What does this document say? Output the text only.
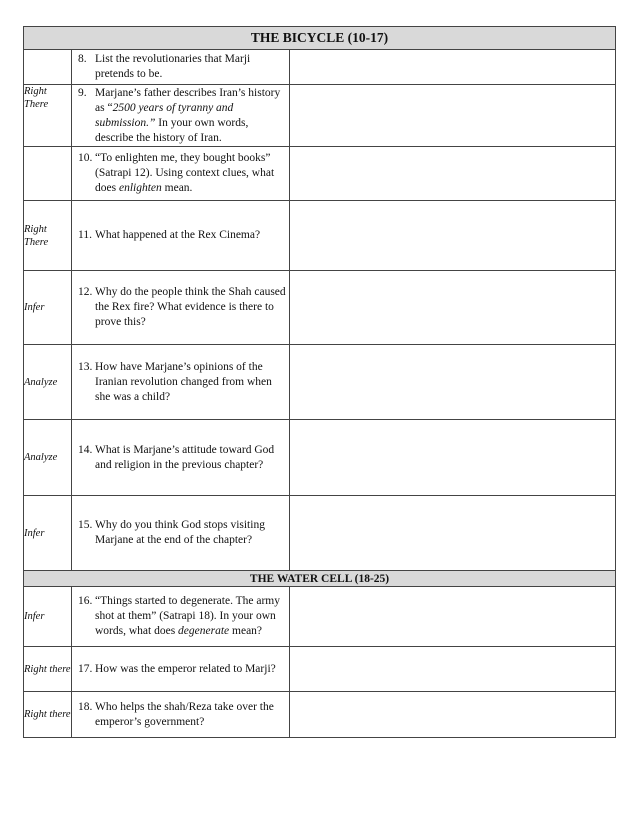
THE BICYCLE (10-17)		

	8. List the revolutionaries that Marji pretends to be.	

Right There	9. Marjane’s father describes Iran’s history as “2500 years of tyranny and submission.” In your own words, describe the history of Iran.	

	10. “To enlighten me, they bought books” (Satrapi 12). Using context clues, what does enlighten mean.	

Right There	11. What happened at the Rex Cinema?	

Infer	12. Why do the people think the Shah caused the Rex fire? What evidence is there to prove this?	

Analyze	13. How have Marjane’s opinions of the Iranian revolution changed from when she was a child?	

Analyze	14. What is Marjane’s attitude toward God and religion in the previous chapter?	

Infer	15. Why do you think God stops visiting Marjane at the end of the chapter?	

THE WATER CELL (18-25)		
Infer	16. “Things started to degenerate. The army shot at them” (Satrapi 18). In your own words, what does degenerate mean?	

Right there	17. How was the emperor related to Marji?	

Right there	18. Who helps the shah/Reza take over the emperor’s government?	
